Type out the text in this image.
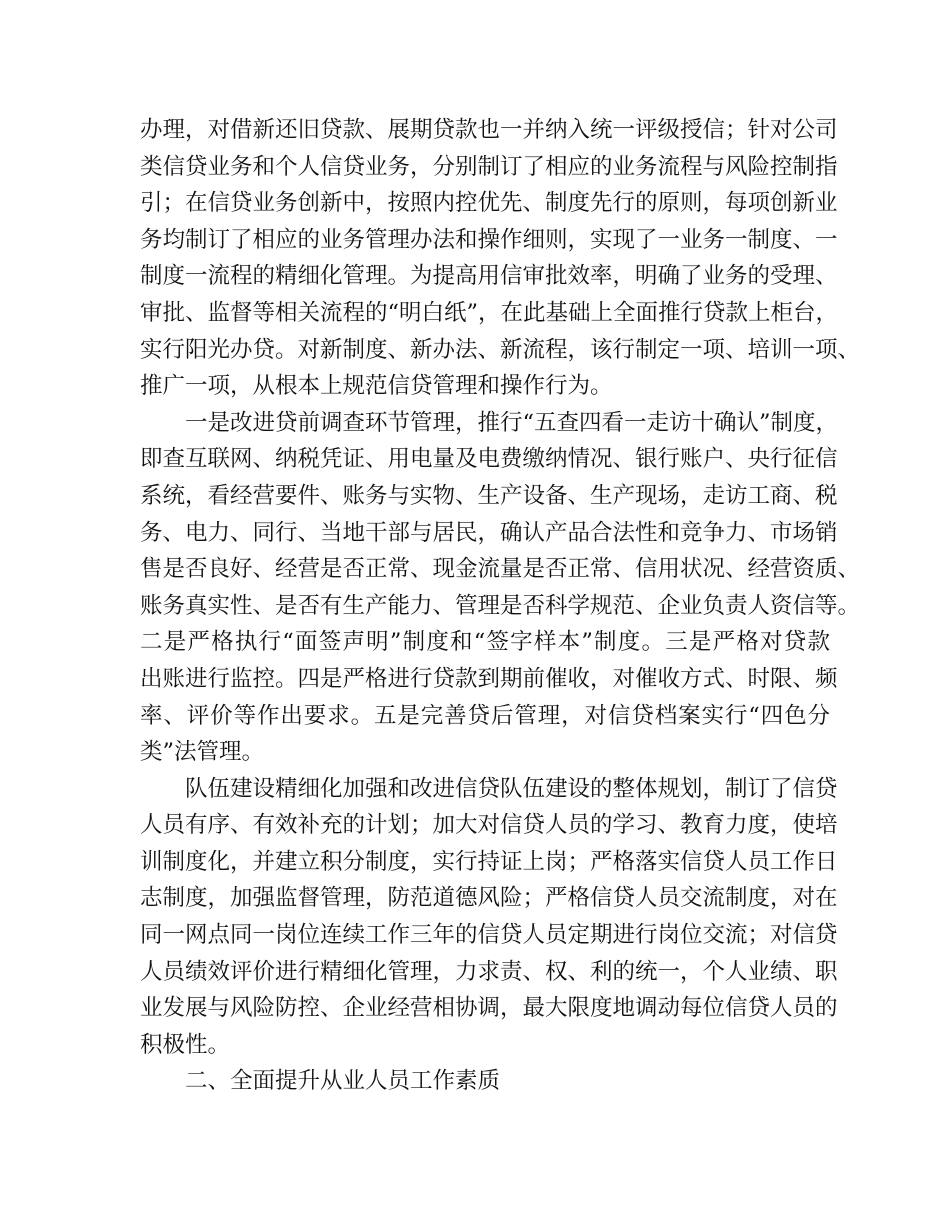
办理，对借新还旧贷款、展期贷款也一并纳入统一评级授信；针对公司
类信贷业务和个人信贷业务，分别制订了相应的业务流程与风险控制指
引；在信贷业务创新中，按照内控优先、制度先行的原则，每项创新业
务均制订了相应的业务管理办法和操作细则，实现了一业务一制度、一
制度一流程的精细化管理。为提高用信审批效率，明确了业务的受理、
审批、监督等相关流程的“明白纸”，在此基础上全面推行贷款上柜台，
实行阳光办贷。对新制度、新办法、新流程，该行制定一项、培训一项、
推广一项，从根本上规范信贷管理和操作行为。
一是改进贷前调查环节管理，推行“五查四看一走访十确认”制度，
即查互联网、纳税凭证、用电量及电费缴纳情况、银行账户、央行征信
系统，看经营要件、账务与实物、生产设备、生产现场，走访工商、税
务、电力、同行、当地干部与居民，确认产品合法性和竞争力、市场销
售是否良好、经营是否正常、现金流量是否正常、信用状况、经营资质、
账务真实性、是否有生产能力、管理是否科学规范、企业负责人资信等。
二是严格执行“面签声明”制度和“签字样本”制度。三是严格对贷款
出账进行监控。四是严格进行贷款到期前催收，对催收方式、时限、频
率、评价等作出要求。五是完善贷后管理，对信贷档案实行“四色分
类”法管理。
队伍建设精细化加强和改进信贷队伍建设的整体规划，制订了信贷
人员有序、有效补充的计划；加大对信贷人员的学习、教育力度，使培
训制度化，并建立积分制度，实行持证上岗；严格落实信贷人员工作日
志制度，加强监督管理，防范道德风险；严格信贷人员交流制度，对在
同一网点同一岗位连续工作三年的信贷人员定期进行岗位交流；对信贷
人员绩效评价进行精细化管理，力求责、权、利的统一，个人业绩、职
业发展与风险防控、企业经营相协调，最大限度地调动每位信贷人员的
积极性。
二、全面提升从业人员工作素质
